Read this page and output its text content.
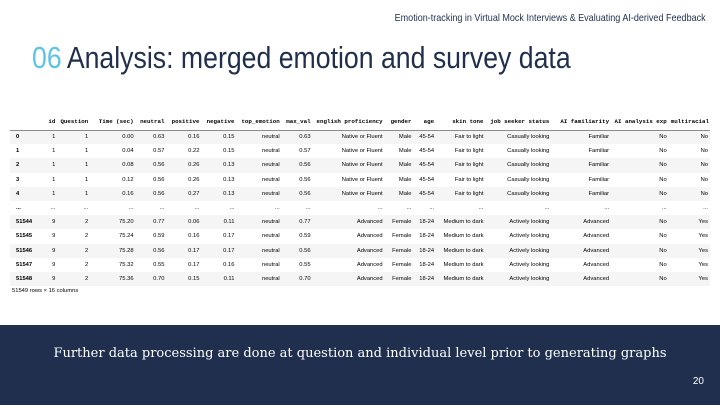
Emotion-tracking in Virtual Mock Interviews & Evaluating AI-derived Feedback
06 Analysis: merged emotion and survey data
	id	Question	Time (sec)	neutral	positive	negative	top_emotion	max_val	english proficiency	gender	age	skin tone	job seeker status	AI familiarity	AI analysis exp	multiracial
0	1	1	0.00	0.63	0.16	0.15	neutral	0.63	Native or Fluent	Male	45-54	Fair to light	Casually looking	Familiar	No	No
1	1	1	0.04	0.57	0.22	0.15	neutral	0.57	Native or Fluent	Male	45-54	Fair to light	Casually looking	Familiar	No	No
2	1	1	0.08	0.56	0.26	0.13	neutral	0.56	Native or Fluent	Male	45-54	Fair to light	Casually looking	Familiar	No	No
3	1	1	0.12	0.56	0.26	0.13	neutral	0.56	Native or Fluent	Male	45-54	Fair to light	Casually looking	Familiar	No	No
4	1	1	0.16	0.56	0.27	0.13	neutral	0.56	Native or Fluent	Male	45-54	Fair to light	Casually looking	Familiar	No	No
...	...	...	...	...	...	...	...	...	...	...	...	...	...	...	...	...
51544	9	2	75.20	0.77	0.06	0.11	neutral	0.77	Advanced	Female	18-24	Medium to dark	Actively looking	Advanced	No	Yes
51545	9	2	75.24	0.59	0.16	0.17	neutral	0.59	Advanced	Female	18-24	Medium to dark	Actively looking	Advanced	No	Yes
51546	9	2	75.28	0.56	0.17	0.17	neutral	0.56	Advanced	Female	18-24	Medium to dark	Actively looking	Advanced	No	Yes
51547	9	2	75.32	0.55	0.17	0.16	neutral	0.55	Advanced	Female	18-24	Medium to dark	Actively looking	Advanced	No	Yes
51548	9	2	75.36	0.70	0.15	0.11	neutral	0.70	Advanced	Female	18-24	Medium to dark	Actively looking	Advanced	No	Yes
51549 rows × 16 columns
Further data processing are done at question and individual level prior to generating graphs
20
